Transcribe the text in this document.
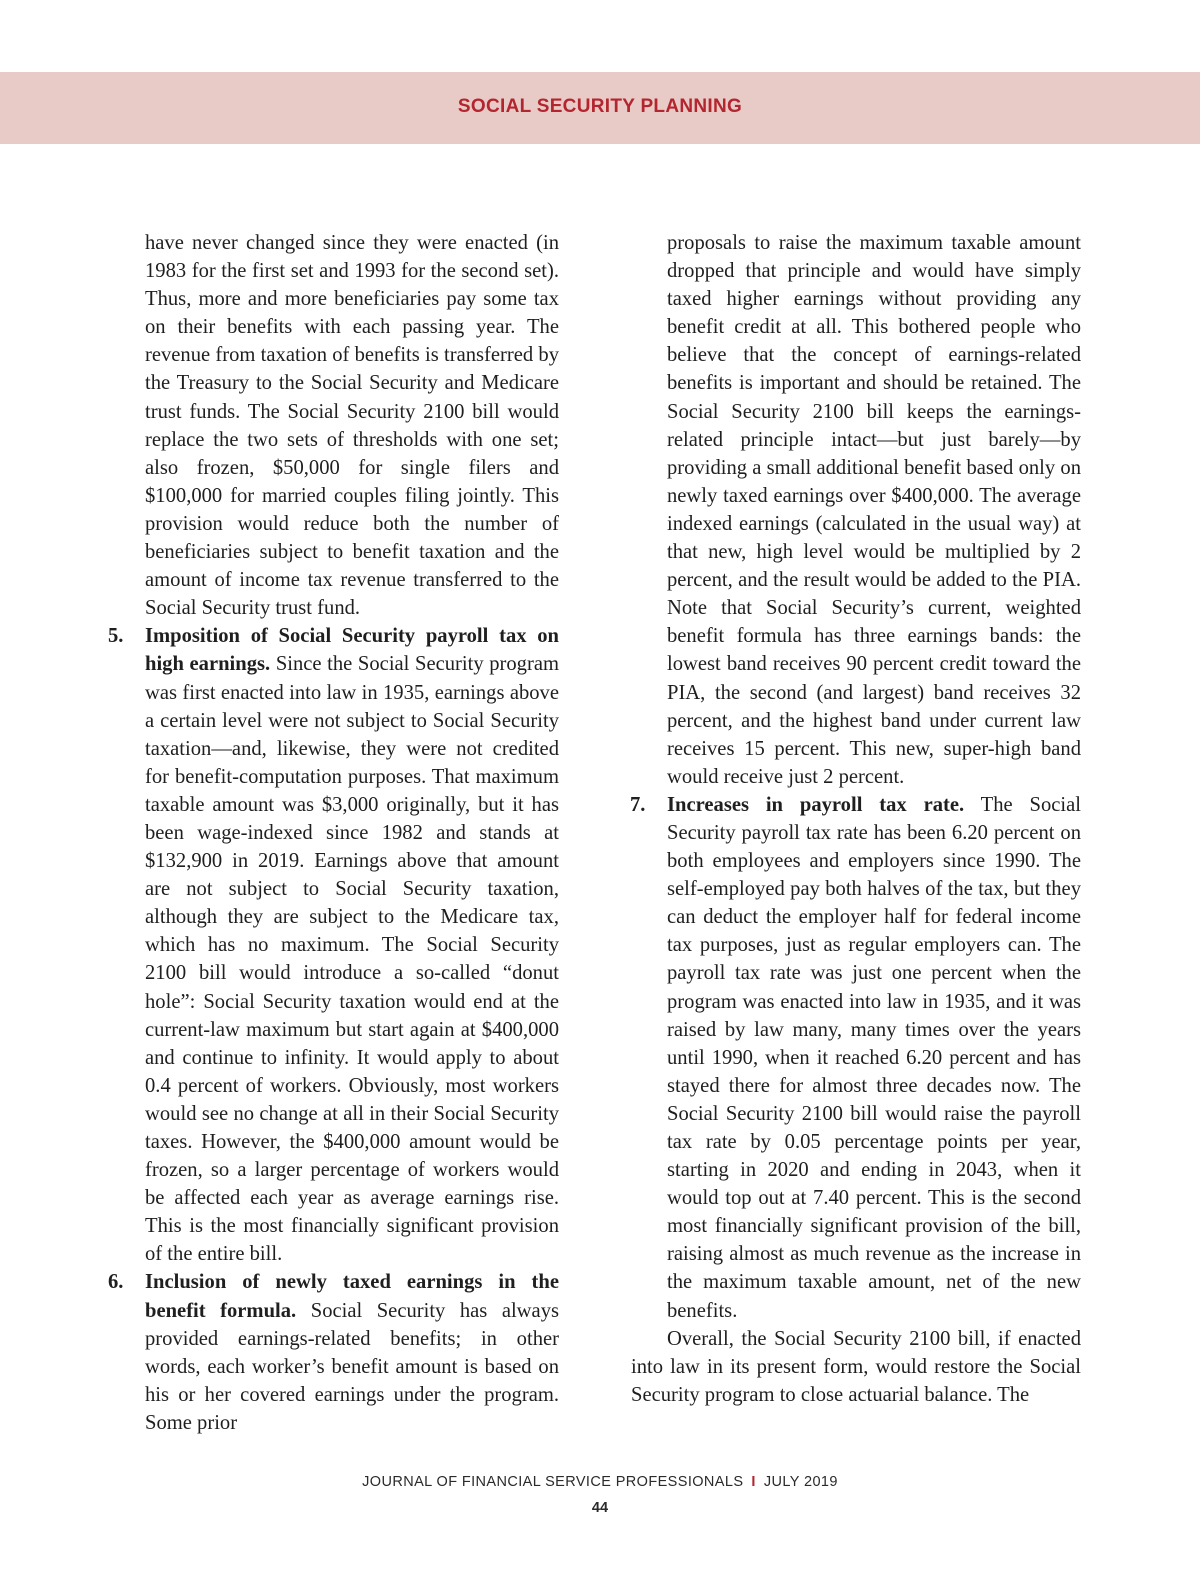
SOCIAL SECURITY PLANNING

have never changed since they were enacted (in 1983 for the first set and 1993 for the second set). Thus, more and more beneficiaries pay some tax on their benefits with each passing year. The revenue from taxation of benefits is transferred by the Treasury to the Social Security and Medicare trust funds. The Social Security 2100 bill would replace the two sets of thresholds with one set; also frozen, $50,000 for single filers and $100,000 for married couples filing jointly. This provision would reduce both the number of beneficiaries subject to benefit taxation and the amount of income tax revenue transferred to the Social Security trust fund.

5. Imposition of Social Security payroll tax on high earnings. Since the Social Security program was first enacted into law in 1935, earnings above a certain level were not subject to Social Security taxation—and, likewise, they were not credited for benefit-computation purposes. That maximum taxable amount was $3,000 originally, but it has been wage-indexed since 1982 and stands at $132,900 in 2019. Earnings above that amount are not subject to Social Security taxation, although they are subject to the Medicare tax, which has no maximum. The Social Security 2100 bill would introduce a so-called “donut hole”: Social Security taxation would end at the current-law maximum but start again at $400,000 and continue to infinity. It would apply to about 0.4 percent of workers. Obviously, most workers would see no change at all in their Social Security taxes. However, the $400,000 amount would be frozen, so a larger percentage of workers would be affected each year as average earnings rise. This is the most financially significant provision of the entire bill.

6. Inclusion of newly taxed earnings in the benefit formula. Social Security has always provided earnings-related benefits; in other words, each worker’s benefit amount is based on his or her covered earnings under the program. Some prior

proposals to raise the maximum taxable amount dropped that principle and would have simply taxed higher earnings without providing any benefit credit at all. This bothered people who believe that the concept of earnings-related benefits is important and should be retained. The Social Security 2100 bill keeps the earnings-related principle intact—but just barely—by providing a small additional benefit based only on newly taxed earnings over $400,000. The average indexed earnings (calculated in the usual way) at that new, high level would be multiplied by 2 percent, and the result would be added to the PIA. Note that Social Security’s current, weighted benefit formula has three earnings bands: the lowest band receives 90 percent credit toward the PIA, the second (and largest) band receives 32 percent, and the highest band under current law receives 15 percent. This new, super-high band would receive just 2 percent.

7. Increases in payroll tax rate. The Social Security payroll tax rate has been 6.20 percent on both employees and employers since 1990. The self-employed pay both halves of the tax, but they can deduct the employer half for federal income tax purposes, just as regular employers can. The payroll tax rate was just one percent when the program was enacted into law in 1935, and it was raised by law many, many times over the years until 1990, when it reached 6.20 percent and has stayed there for almost three decades now. The Social Security 2100 bill would raise the payroll tax rate by 0.05 percentage points per year, starting in 2020 and ending in 2043, when it would top out at 7.40 percent. This is the second most financially significant provision of the bill, raising almost as much revenue as the increase in the maximum taxable amount, net of the new benefits.

Overall, the Social Security 2100 bill, if enacted into law in its present form, would restore the Social Security program to close actuarial balance. The

JOURNAL OF FINANCIAL SERVICE PROFESSIONALS I JULY 2019
44
